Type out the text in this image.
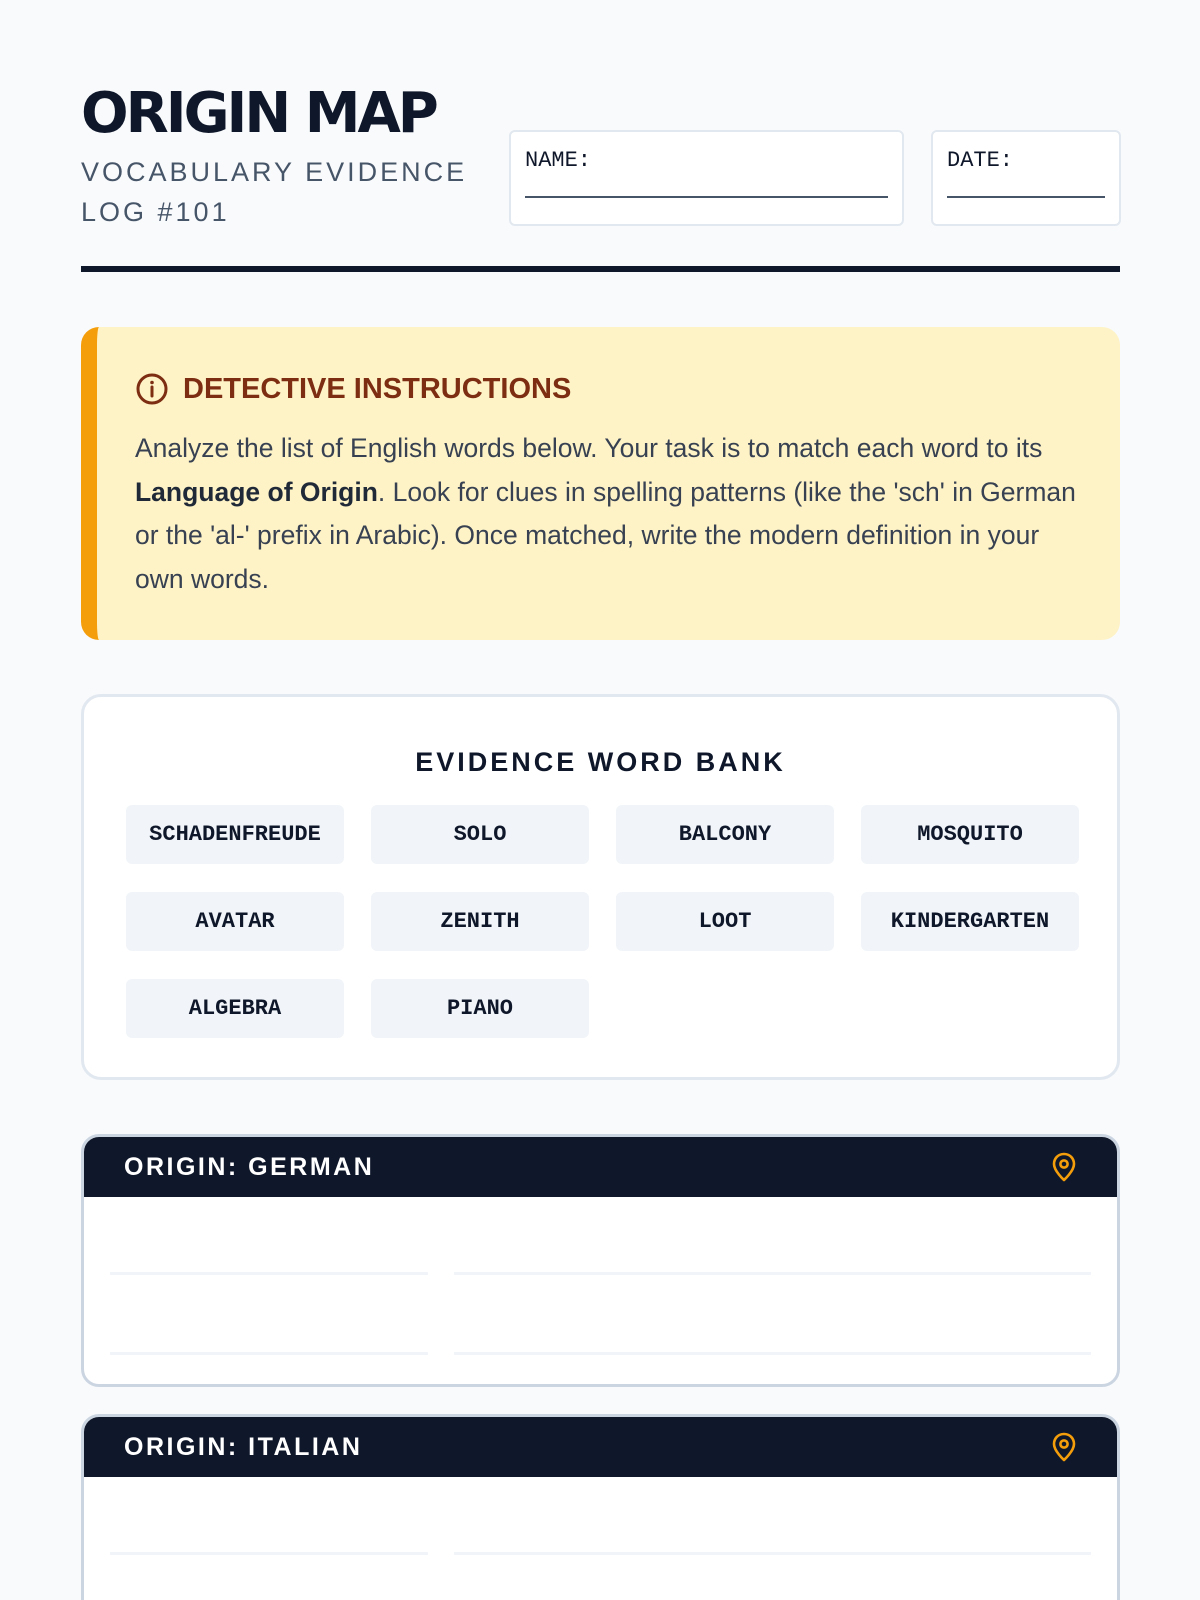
ORIGIN MAP
VOCABULARY EVIDENCE LOG #101
NAME:	DATE:
DETECTIVE INSTRUCTIONS

Analyze the list of English words below. Your task is to match each word to its Language of Origin. Look for clues in spelling patterns (like the 'sch' in German or the 'al-' prefix in Arabic). Once matched, write the modern definition in your own words.

EVIDENCE WORD BANK
SCHADENFREUDE	SOLO	BALCONY	MOSQUITO
AVATAR	ZENITH	LOOT	KINDERGARTEN
ALGEBRA	PIANO
ORIGIN: GERMAN
ORIGIN: ITALIAN
